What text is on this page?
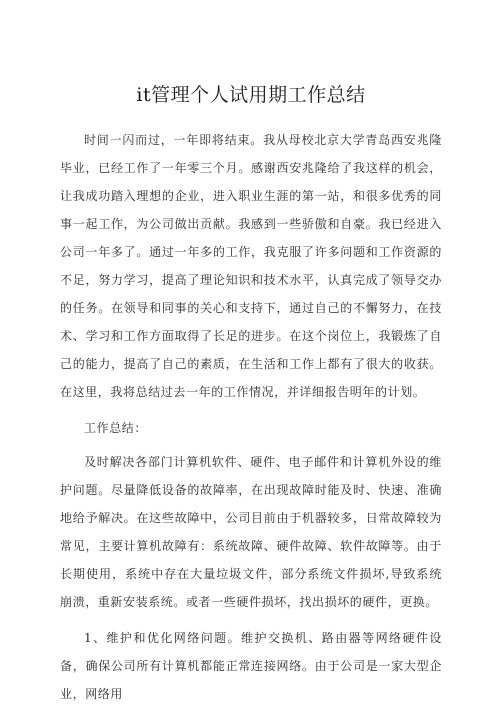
it管理个人试用期工作总结

时间一闪而过，一年即将结束。我从母校北京大学青岛西安兆隆毕业，已经工作了一年零三个月。感谢西安兆隆给了我这样的机会，让我成功踏入理想的企业，进入职业生涯的第一站，和很多优秀的同事一起工作，为公司做出贡献。我感到一些骄傲和自豪。我已经进入公司一年多了。通过一年多的工作，我克服了许多问题和工作资源的不足，努力学习，提高了理论知识和技术水平，认真完成了领导交办的任务。在领导和同事的关心和支持下，通过自己的不懈努力，在技术、学习和工作方面取得了长足的进步。在这个岗位上，我锻炼了自己的能力，提高了自己的素质，在生活和工作上都有了很大的收获。在这里，我将总结过去一年的工作情况，并详细报告明年的计划。

工作总结：

及时解决各部门计算机软件、硬件、电子邮件和计算机外设的维护问题。尽量降低设备的故障率，在出现故障时能及时、快速、准确地给予解决。在这些故障中，公司目前由于机器较多，日常故障较为常见，主要计算机故障有：系统故障、硬件故障、软件故障等。由于长期使用，系统中存在大量垃圾文件，部分系统文件损坏,导致系统崩溃，重新安装系统。或者一些硬件损坏，找出损坏的硬件，更换。

1、维护和优化网络问题。维护交换机、路由器等网络硬件设备，确保公司所有计算机都能正常连接网络。由于公司是一家大型企业，网络用
